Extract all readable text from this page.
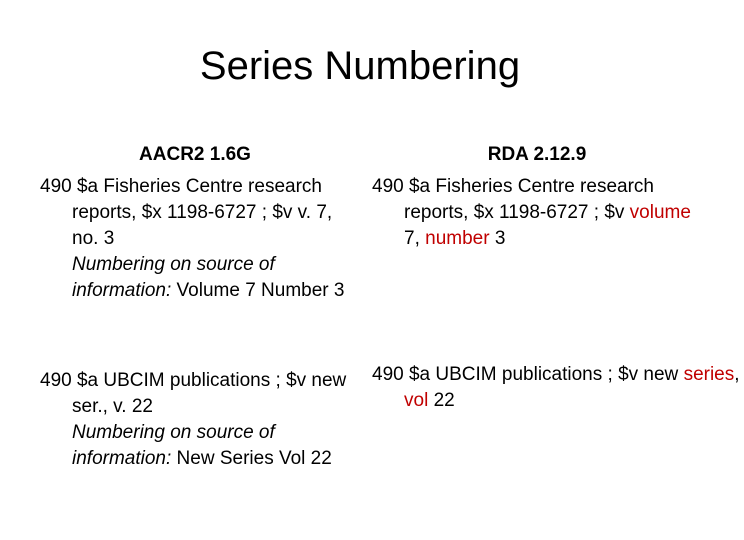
Series Numbering
AACR2 1.6G
490 $a Fisheries Centre research reports, $x 1198-6727 ; $v v. 7, no. 3
Numbering on source of information: Volume 7 Number 3
490 $a UBCIM publications ; $v new ser., v. 22
Numbering on source of information: New Series Vol 22
RDA 2.12.9
490 $a Fisheries Centre research reports, $x 1198-6727 ; $v volume 7, number 3
490 $a UBCIM publications ; $v new series, vol 22
